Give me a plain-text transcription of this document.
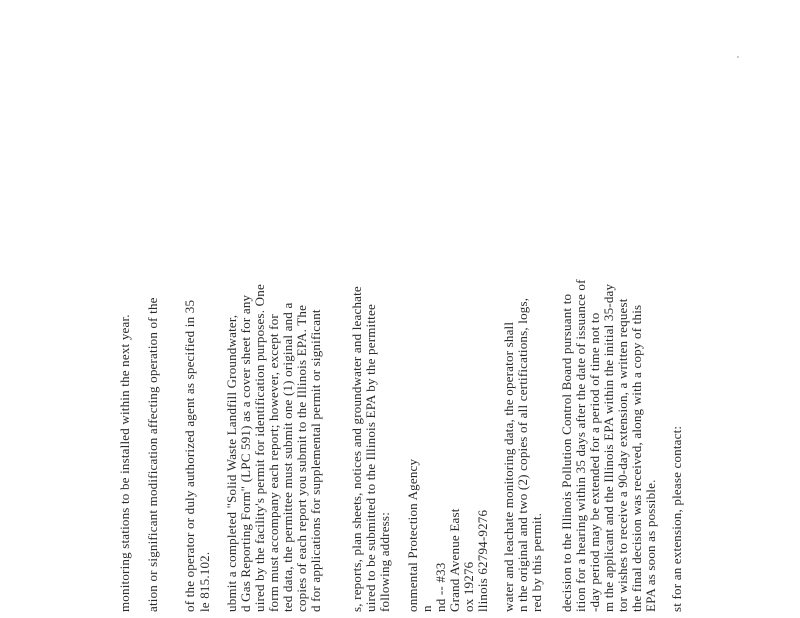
monitoring stations to be installed within the next year. ation or significant modification affecting operation of the of the operator or duly authorized agent as specified in 35 le 815.102. ubmit a completed "Solid Waste Landfill Groundwater, d Gas Reporting Form" (LPC 591) as a cover sheet for any uired by the facility's permit for identification purposes. One form must accompany each report; however, except for ted data, the permittee must submit one (1) original and a copies of each report you submit to the Illinois EPA. The d for applications for supplemental permit or significant s, reports, plan sheets, notices and groundwater and leachate uired to be submitted to the Illinois EPA by the permittee following address: onmental Protection Agency n nd -- #33 Grand Avenue East ox 19276 llinois 62794-9276 water and leachate monitoring data, the operator shall n the original and two (2) copies of all certifications, logs, red by this permit. decision to the Illinois Pollution Control Board pursuant to ition for a hearing within 35 days after the date of issuance of -day period may be extended for a period of time not to m the applicant and the Illinois EPA within the initial 35-day tor wishes to receive a 90-day extension, a written request the final decision was received, along with a copy of this EPA as soon as possible. st for an extension, please contact:
